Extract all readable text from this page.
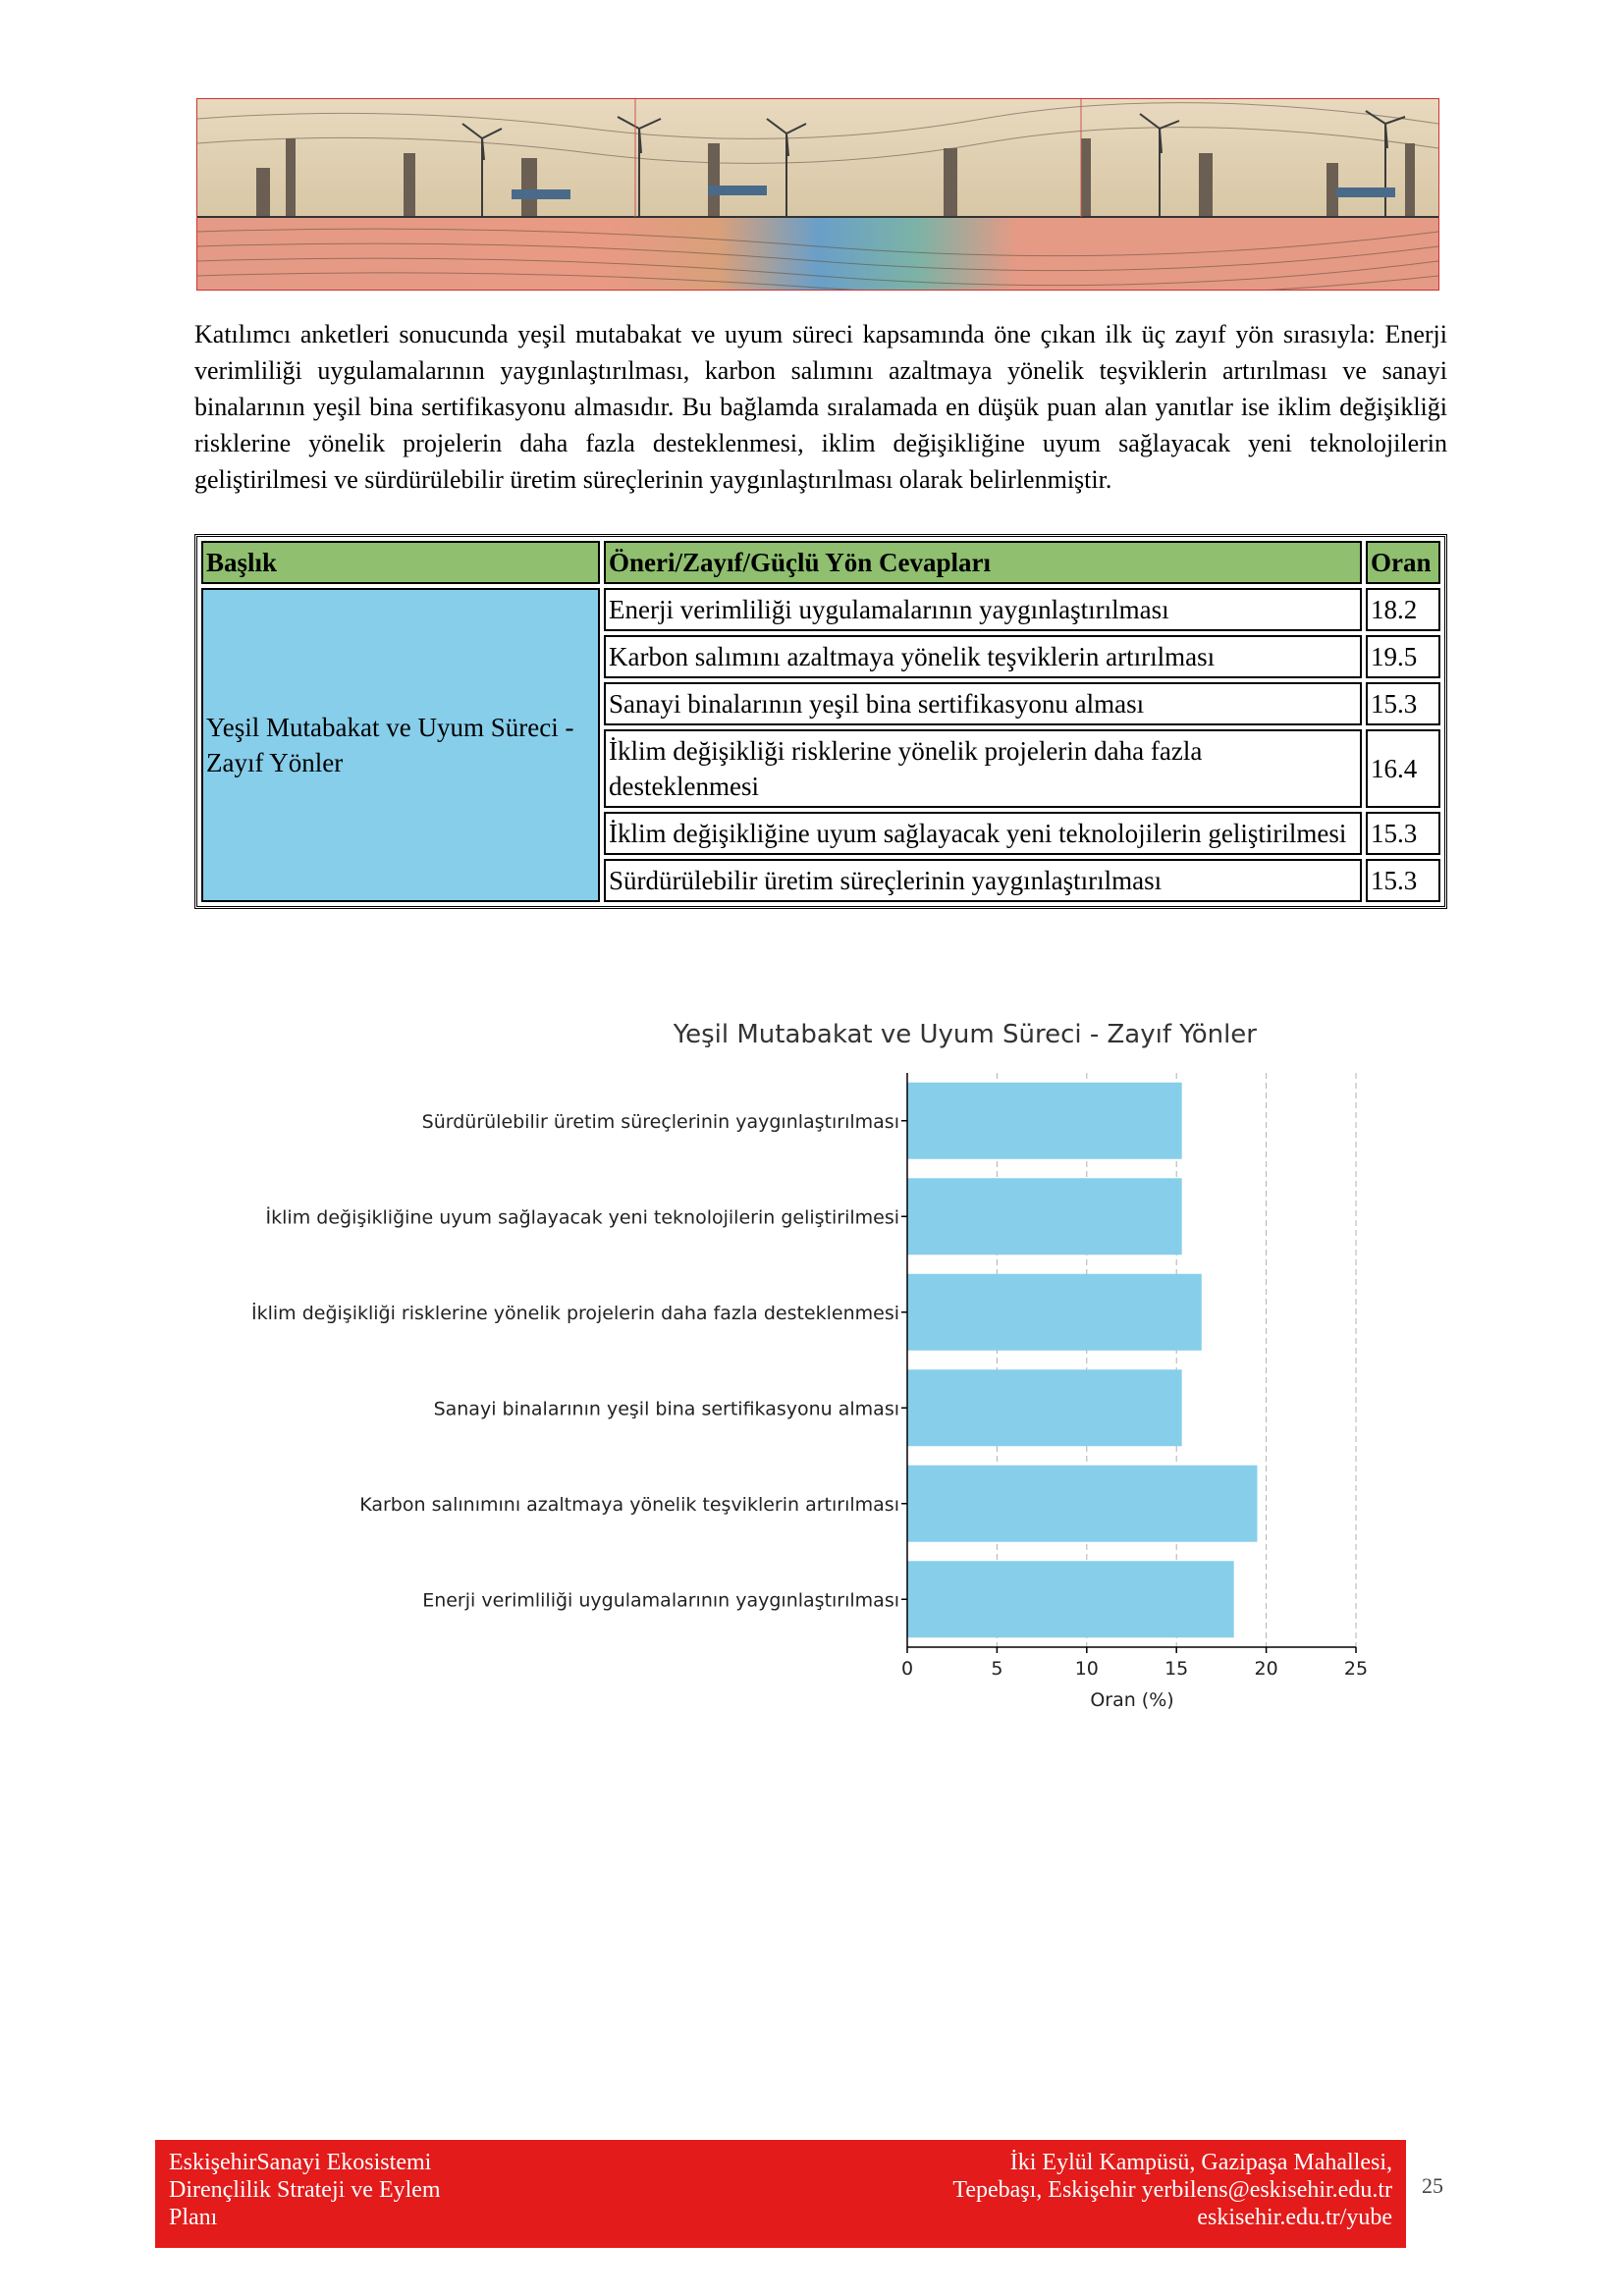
Katılımcı anketleri sonucunda yeşil mutabakat ve uyum süreci kapsamında öne çıkan ilk üç zayıf yön sırasıyla: Enerji verimliliği uygulamalarının yaygınlaştırılması, karbon salımını azaltmaya yönelik teşviklerin artırılması ve sanayi binalarının yeşil bina sertifikasyonu almasıdır. Bu bağlamda sıralamada en düşük puan alan yanıtlar ise iklim değişikliği risklerine yönelik projelerin daha fazla desteklenmesi, iklim değişikliğine uyum sağlayacak yeni teknolojilerin geliştirilmesi ve sürdürülebilir üretim süreçlerinin yaygınlaştırılması olarak belirlenmiştir.
Başlık	Öneri/Zayıf/Güçlü Yön Cevapları	Oran
Yeşil Mutabakat ve Uyum Süreci - Zayıf Yönler	Enerji verimliliği uygulamalarının yaygınlaştırılması	18.2
	Karbon salımını azaltmaya yönelik teşviklerin artırılması	19.5
	Sanayi binalarının yeşil bina sertifikasyonu alması	15.3
	İklim değişikliği risklerine yönelik projelerin daha fazla desteklenmesi	16.4
	İklim değişikliğine uyum sağlayacak yeni teknolojilerin geliştirilmesi	15.3
	Sürdürülebilir üretim süreçlerinin yaygınlaştırılması	15.3
Yeşil Mutabakat ve Uyum Süreci - Zayıf Yönler
Enerji verimliliği uygulamalarının yaygınlaştırılması
Karbon salınımını azaltmaya yönelik teşviklerin artırılması
Sanayi binalarının yeşil bina sertifikasyonu alması
İklim değişikliği risklerine yönelik projelerin daha fazla desteklenmesi
İklim değişikliğine uyum sağlayacak yeni teknolojilerin geliştirilmesi
Sürdürülebilir üretim süreçlerinin yaygınlaştırılması
0	5	10	15	20	25
Oran (%)
EskişehirSanayi Ekosistemi
Dirençlilik Strateji ve Eylem
Planı
İki Eylül Kampüsü, Gazipaşa Mahallesi,
Tepebaşı, Eskişehir yerbilens@eskisehir.edu.tr
eskisehir.edu.tr/yube
25
